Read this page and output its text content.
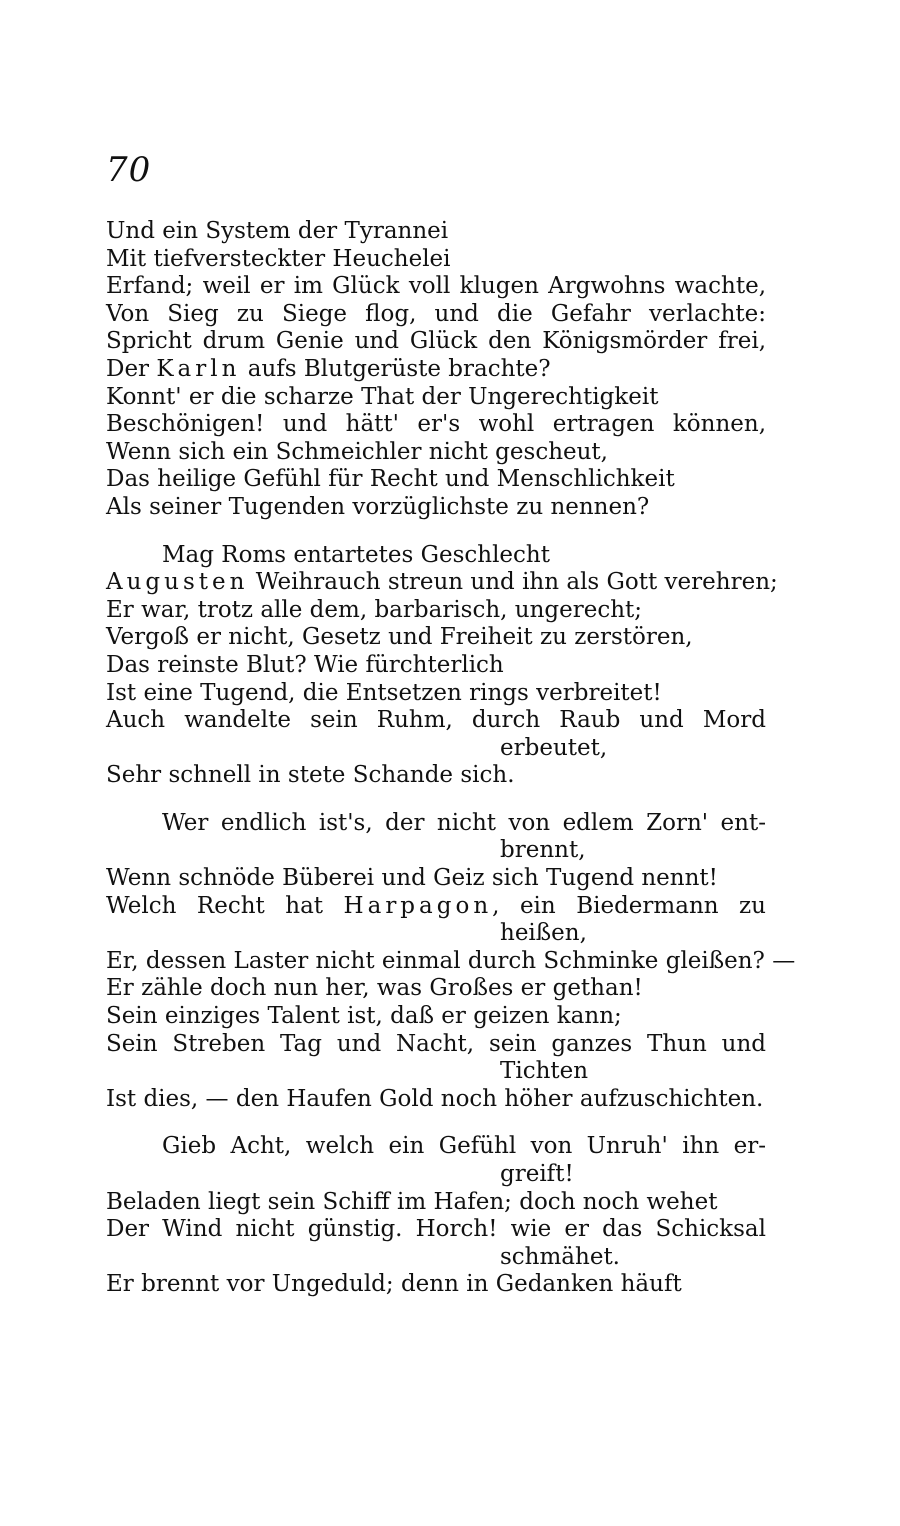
70
Und ein System der Tyrannei
Mit tiefversteckter Heuchelei
Erfand; weil er im Glück voll klugen Argwohns wachte,
Von Sieg zu Siege flog, und die Gefahr verlachte:
Spricht drum Genie und Glück den Königsmörder frei,
Der Karln aufs Blutgerüste brachte?
Konnt' er die scharze That der Ungerechtigkeit
Beschönigen! und hätt' er's wohl ertragen können,
Wenn sich ein Schmeichler nicht gescheut,
Das heilige Gefühl für Recht und Menschlichkeit
Als seiner Tugenden vorzüglichste zu nennen?
Mag Roms entartetes Geschlecht
Augusten Weihrauch streun und ihn als Gott verehren;
Er war, trotz alle dem, barbarisch, ungerecht;
Vergoß er nicht, Gesetz und Freiheit zu zerstören,
Das reinste Blut? Wie fürchterlich
Ist eine Tugend, die Entsetzen rings verbreitet!
Auch wandelte sein Ruhm, durch Raub und Mord
erbeutet,
Sehr schnell in stete Schande sich.
Wer endlich ist's, der nicht von edlem Zorn' ent-
brennt,
Wenn schnöde Büberei und Geiz sich Tugend nennt!
Welch Recht hat Harpagon, ein Biedermann zu
heißen,
Er, dessen Laster nicht einmal durch Schminke gleißen? —
Er zähle doch nun her, was Großes er gethan!
Sein einziges Talent ist, daß er geizen kann;
Sein Streben Tag und Nacht, sein ganzes Thun und
Tichten
Ist dies, — den Haufen Gold noch höher aufzuschichten.
Gieb Acht, welch ein Gefühl von Unruh' ihn er-
greift!
Beladen liegt sein Schiff im Hafen; doch noch wehet
Der Wind nicht günstig. Horch! wie er das Schicksal
schmähet.
Er brennt vor Ungeduld; denn in Gedanken häuft
